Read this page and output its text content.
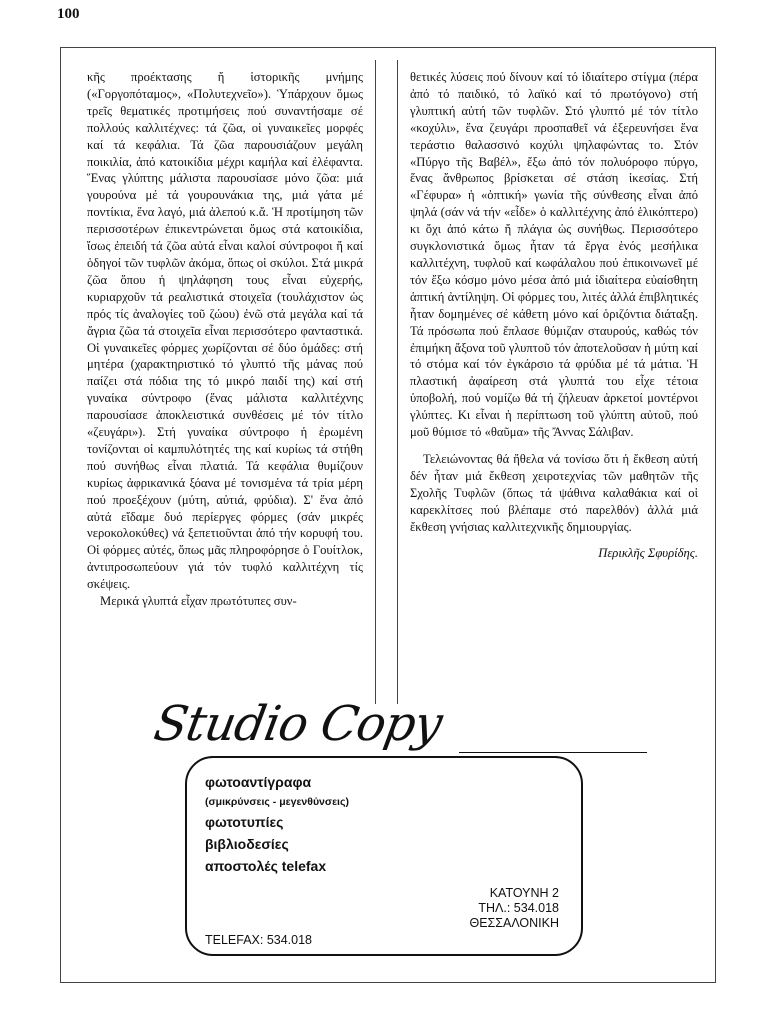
100

κῆς προέκτασης ἤ ἱστορικῆς μνήμης («Γοργοπόταμος», «Πολυτεχνεῖο»). Ὑπάρχουν ὅμως τρεῖς θεματικές προτιμήσεις πού συναντήσαμε σέ πολλούς καλλιτέχνες: τά ζῶα, οἱ γυναικεῖες μορφές καί τά κεφάλια. Τά ζῶα παρουσιάζουν μεγάλη ποικιλία, ἀπό κατοικίδια μέχρι καμήλα καί ἐλέφαντα. Ἕνας γλύπτης μάλιστα παρουσίασε μόνο ζῶα: μιά γουρούνα μέ τά γουρουνάκια της, μιά γάτα μέ ποντίκια, ἕνα λαγό, μιά ἀλεπού κ.ἄ. Ἡ προτίμηση τῶν περισσοτέρων ἐπικεντρώνεται ὅμως στά κατοικίδια, ἴσως ἐπειδή τά ζῶα αὐτά εἶναι καλοί σύντροφοι ἤ καί ὁδηγοί τῶν τυφλῶν ἀκόμα, ὅπως οἱ σκύλοι. Στά μικρά ζῶα ὅπου ἡ ψηλάφηση τους εἶναι εὐχερής, κυριαρχοῦν τά ρεαλιστικά στοιχεῖα (τουλάχιστον ὡς πρός τίς ἀναλογίες τοῦ ζώου) ἐνῶ στά μεγάλα καί τά ἄγρια ζῶα τά στοιχεῖα εἶναι περισσότερο φανταστικά. Οἱ γυναικεῖες φόρμες χωρίζονται σέ δύο ὁμάδες: στή μητέρα (χαρακτηριστικό τό γλυπτό τῆς μάνας πού παίζει στά πόδια της τό μικρό παιδί της) καί στή γυναίκα σύντροφο (ἕνας μάλιστα καλλιτέχνης παρουσίασε ἀποκλειστικά συνθέσεις μέ τόν τίτλο «ζευγάρι»). Στή γυναίκα σύντροφο ἡ ἐρωμένη τονίζονται οἱ καμπυλότητές της καί κυρίως τά στήθη πού συνήθως εἶναι πλατιά. Τά κεφάλια θυμίζουν κυρίως ἀφρικανικά ξόανα μέ τονισμένα τά τρία μέρη πού προεξέχουν (μύτη, αὐτιά, φρύδια). Σ' ἕνα ἀπό αὐτά εἴδαμε δυό περίεργες φόρμες (σάν μικρές νεροκολοκύθες) νά ξεπετιοῦνται ἀπό τήν κορυφή του. Οἱ φόρμες αὐτές, ὅπως μᾶς πληροφόρησε ὁ Γουίτλοκ, ἀντιπροσωπεύουν γιά τόν τυφλό καλλιτέχνη τίς σκέψεις.

Μερικά γλυπτά εἶχαν πρωτότυπες συν-

θετικές λύσεις πού δίνουν καί τό ἰδιαίτερο στίγμα (πέρα ἀπό τό παιδικό, τό λαϊκό καί τό πρωτόγονο) στή γλυπτική αὐτή τῶν τυφλῶν. Στό γλυπτό μέ τόν τίτλο «κοχύλι», ἕνα ζευγάρι προσπαθεῖ νά ἐξερευνήσει ἕνα τεράστιο θαλασσινό κοχύλι ψηλαφώντας το. Στόν «Πύργο τῆς Βαβέλ», ἔξω ἀπό τόν πολυόροφο πύργο, ἕνας ἄνθρωπος βρίσκεται σέ στάση ἱκεσίας. Στή «Γέφυρα» ἡ «ὀπτική» γωνία τῆς σύνθεσης εἶναι ἀπό ψηλά (σάν νά τήν «εἶδε» ὁ καλλιτέχνης ἀπό ἑλικόπτερο) κι ὄχι ἀπό κάτω ἤ πλάγια ὡς συνήθως. Περισσότερο συγκλονιστικά ὅμως ἦταν τά ἔργα ἑνός μεσήλικα καλλιτέχνη, τυφλοῦ καί κωφάλαλου πού ἐπικοινωνεῖ μέ τόν ἔξω κόσμο μόνο μέσα ἀπό μιά ἰδιαίτερα εὐαίσθητη ἁπτική ἀντίληψη. Οἱ φόρμες του, λιτές ἀλλά ἐπιβλητικές ἦταν δομημένες σέ κάθετη μόνο καί ὁριζόντια διάταξη. Τά πρόσωπα πού ἔπλασε θύμιζαν σταυρούς, καθώς τόν ἐπιμήκη ἄξονα τοῦ γλυπτοῦ τόν ἀποτελοῦσαν ἡ μύτη καί τό στόμα καί τόν ἐγκάρσιο τά φρύδια μέ τά μάτια. Ἡ πλαστική ἀφαίρεση στά γλυπτά του εἶχε τέτοια ὑποβολή, πού νομίζω θά τή ζήλευαν ἀρκετοί μοντέρνοι γλύπτες. Κι εἶναι ἡ περίπτωση τοῦ γλύπτη αὐτοῦ, πού μοῦ θύμισε τό «θαῦμα» τῆς Ἄννας Σάλιβαν.

Τελειώνοντας θά ἤθελα νά τονίσω ὅτι ἡ ἔκθεση αὐτή δέν ἦταν μιά ἔκθεση χειροτεχνίας τῶν μαθητῶν τῆς Σχολῆς Τυφλῶν (ὅπως τά ψάθινα καλαθάκια καί οἱ καρεκλίτσες πού βλέπαμε στό παρελθόν) ἀλλά μιά ἔκθεση γνήσιας καλλιτεχνικῆς δημιουργίας.

Περικλῆς Σφυρίδης.

Studio Copy
φωτοαντίγραφα
(σμικρύνσεις - μεγενθύνσεις)
φωτοτυπίες
βιβλιοδεσίες
αποστολές telefax
TELEFAX: 534.018
ΚΑΤΟΥΝΗ 2
ΤΗΛ.: 534.018
ΘΕΣΣΑΛΟΝΙΚΗ
